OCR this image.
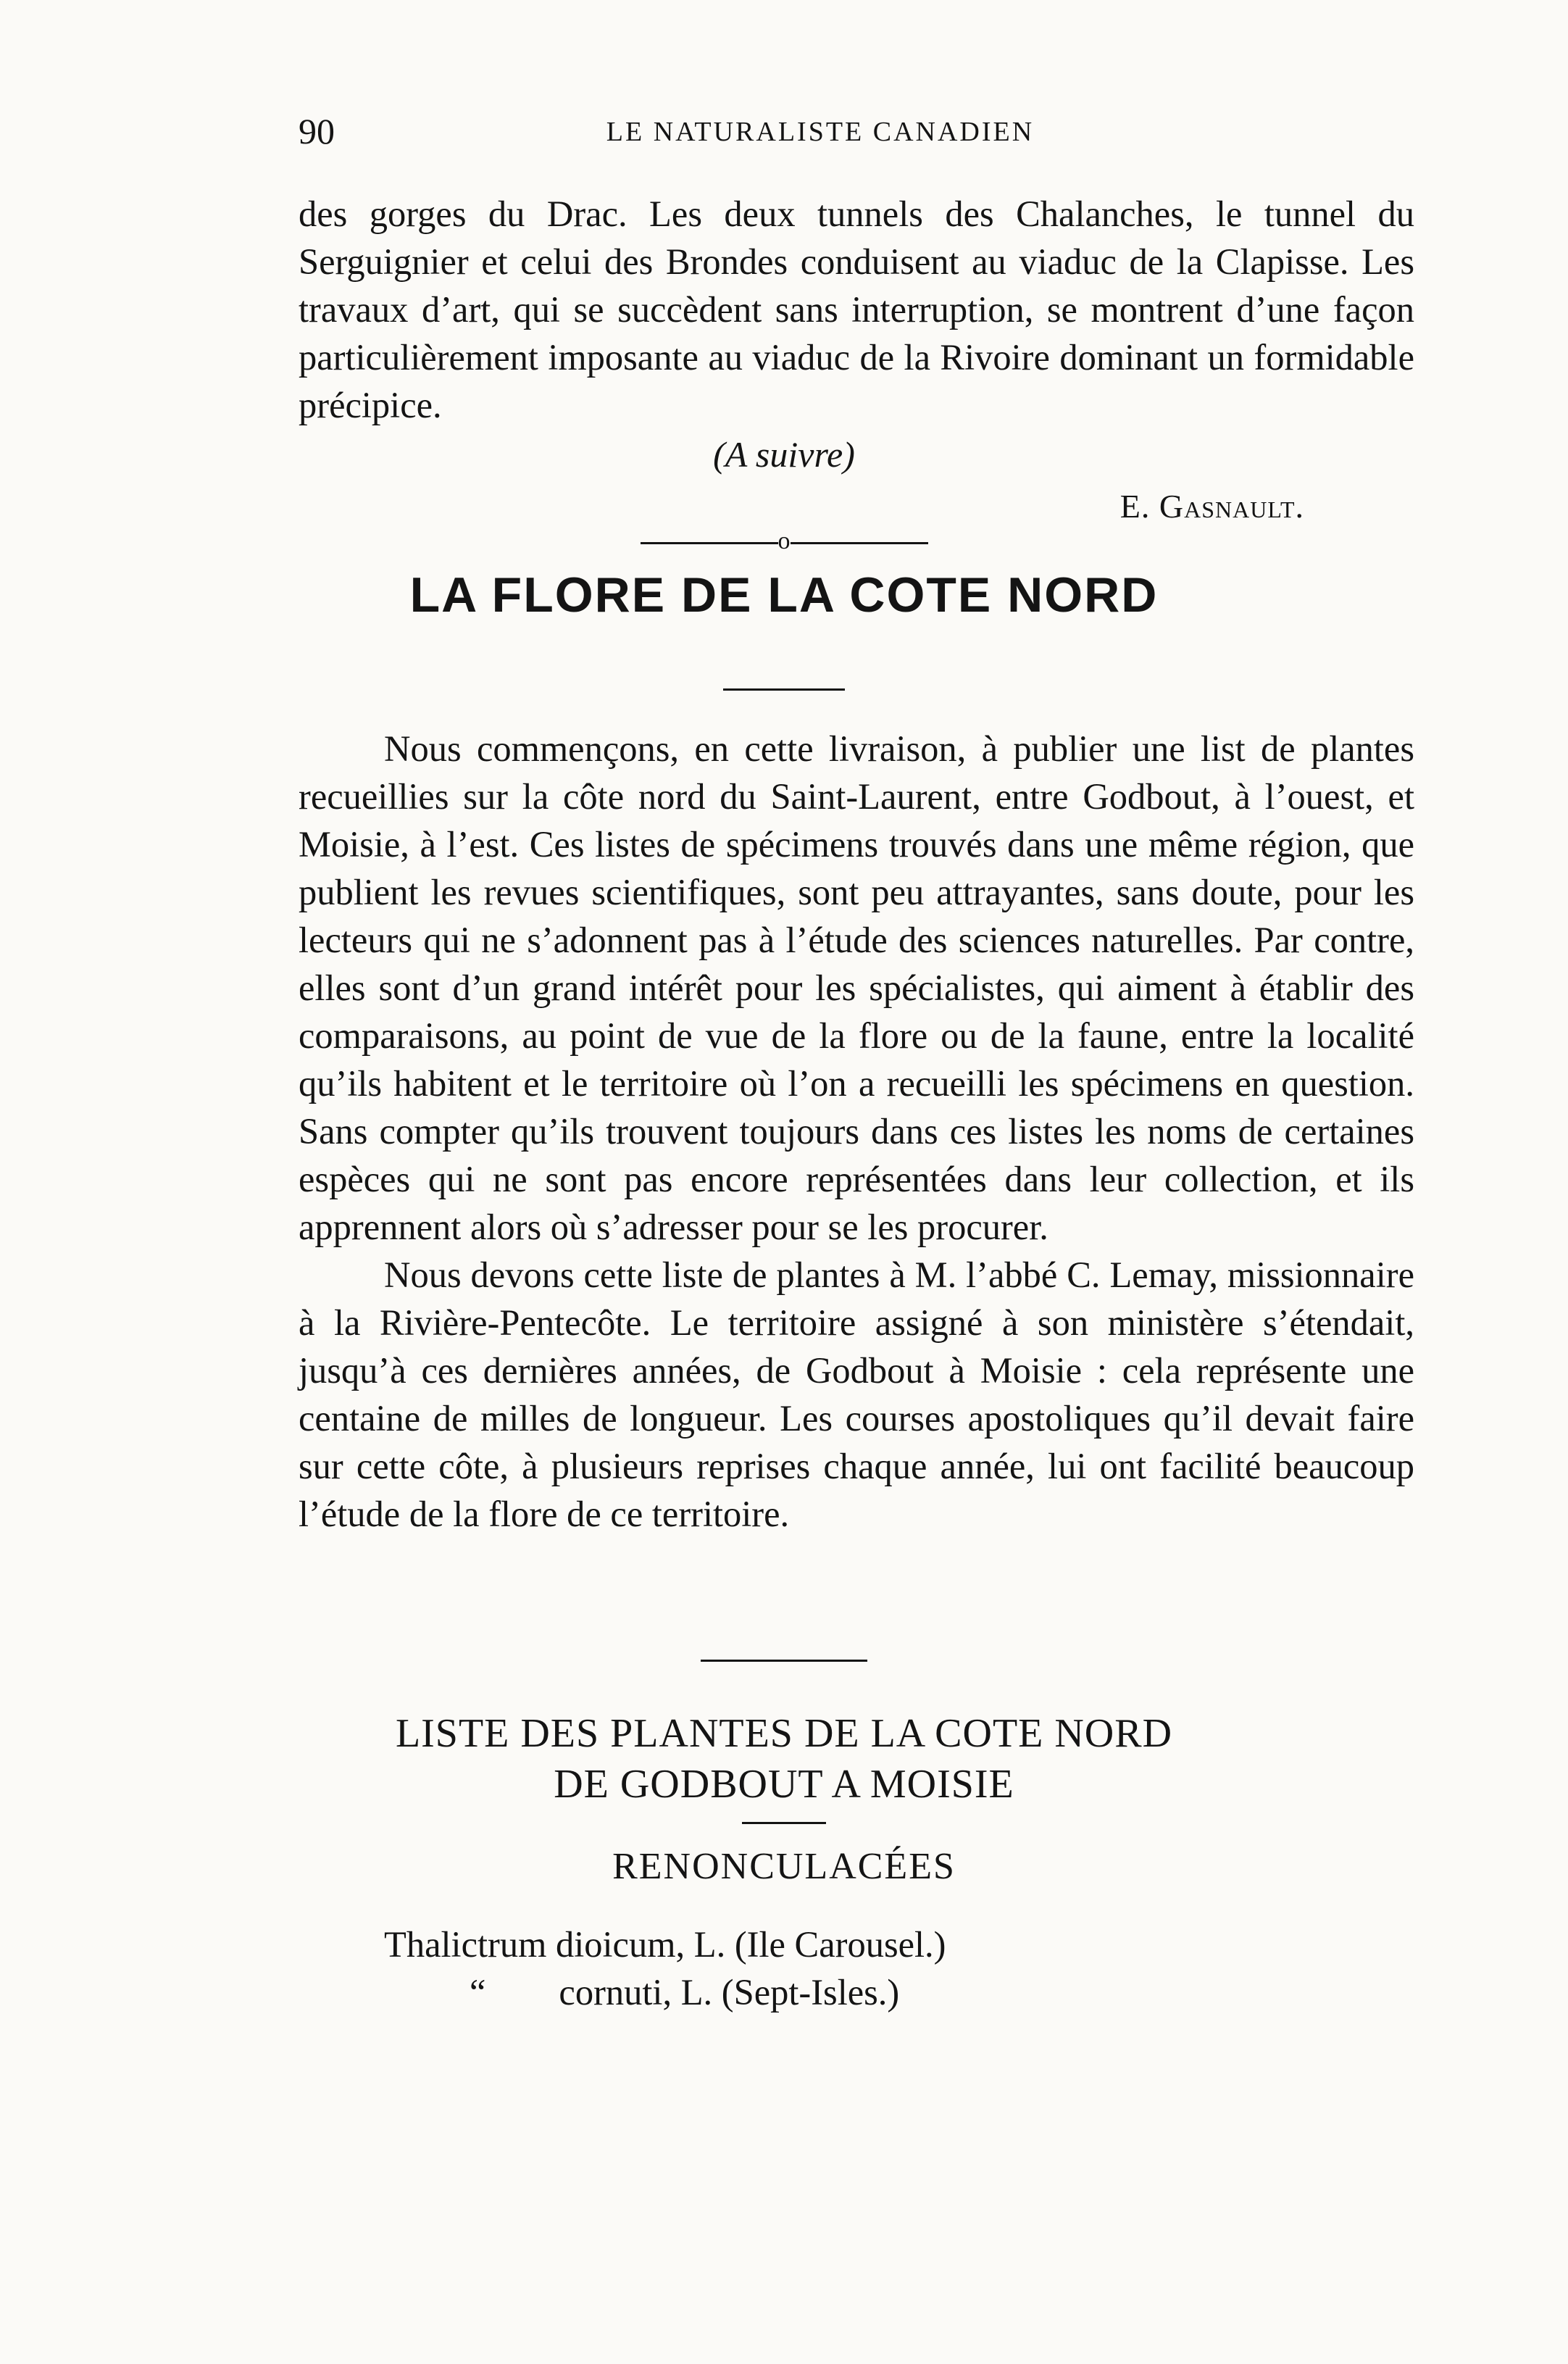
90	LE NATURALISTE CANADIEN

des gorges du Drac. Les deux tunnels des Chalanches, le tunnel du Serguignier et celui des Brondes conduisent au viaduc de la Clapisse. Les travaux d’art, qui se succèdent sans interruption, se montrent d’une façon particulièrement imposante au viaduc de la Rivoire dominant un formidable précipice.

(A suivre)
E. Gasnault.
o
LA FLORE DE LA COTE NORD

Nous commençons, en cette livraison, à publier une list de plantes recueillies sur la côte nord du Saint-Laurent, entre Godbout, à l’ouest, et Moisie, à l’est. Ces listes de spécimens trouvés dans une même région, que publient les revues scientifiques, sont peu attrayantes, sans doute, pour les lecteurs qui ne s’adonnent pas à l’étude des sciences naturelles. Par contre, elles sont d’un grand intérêt pour les spécialistes, qui aiment à établir des comparaisons, au point de vue de la flore ou de la faune, entre la localité qu’ils habitent et le territoire où l’on a recueilli les spécimens en question. Sans compter qu’ils trouvent toujours dans ces listes les noms de certaines espèces qui ne sont pas encore représentées dans leur collection, et ils apprennent alors où s’adresser pour se les procurer.

Nous devons cette liste de plantes à M. l’abbé C. Lemay, missionnaire à la Rivière-Pentecôte. Le territoire assigné à son ministère s’étendait, jusqu’à ces dernières années, de Godbout à Moisie : cela représente une centaine de milles de longueur. Les courses apostoliques qu’il devait faire sur cette côte, à plusieurs reprises chaque année, lui ont facilité beaucoup l’étude de la flore de ce territoire.

LISTE DES PLANTES DE LA COTE NORD
DE GODBOUT A MOISIE
RENONCULACÉES
Thalictrum dioicum, L. (Ile Carousel.)
“        cornuti, L. (Sept-Isles.)
